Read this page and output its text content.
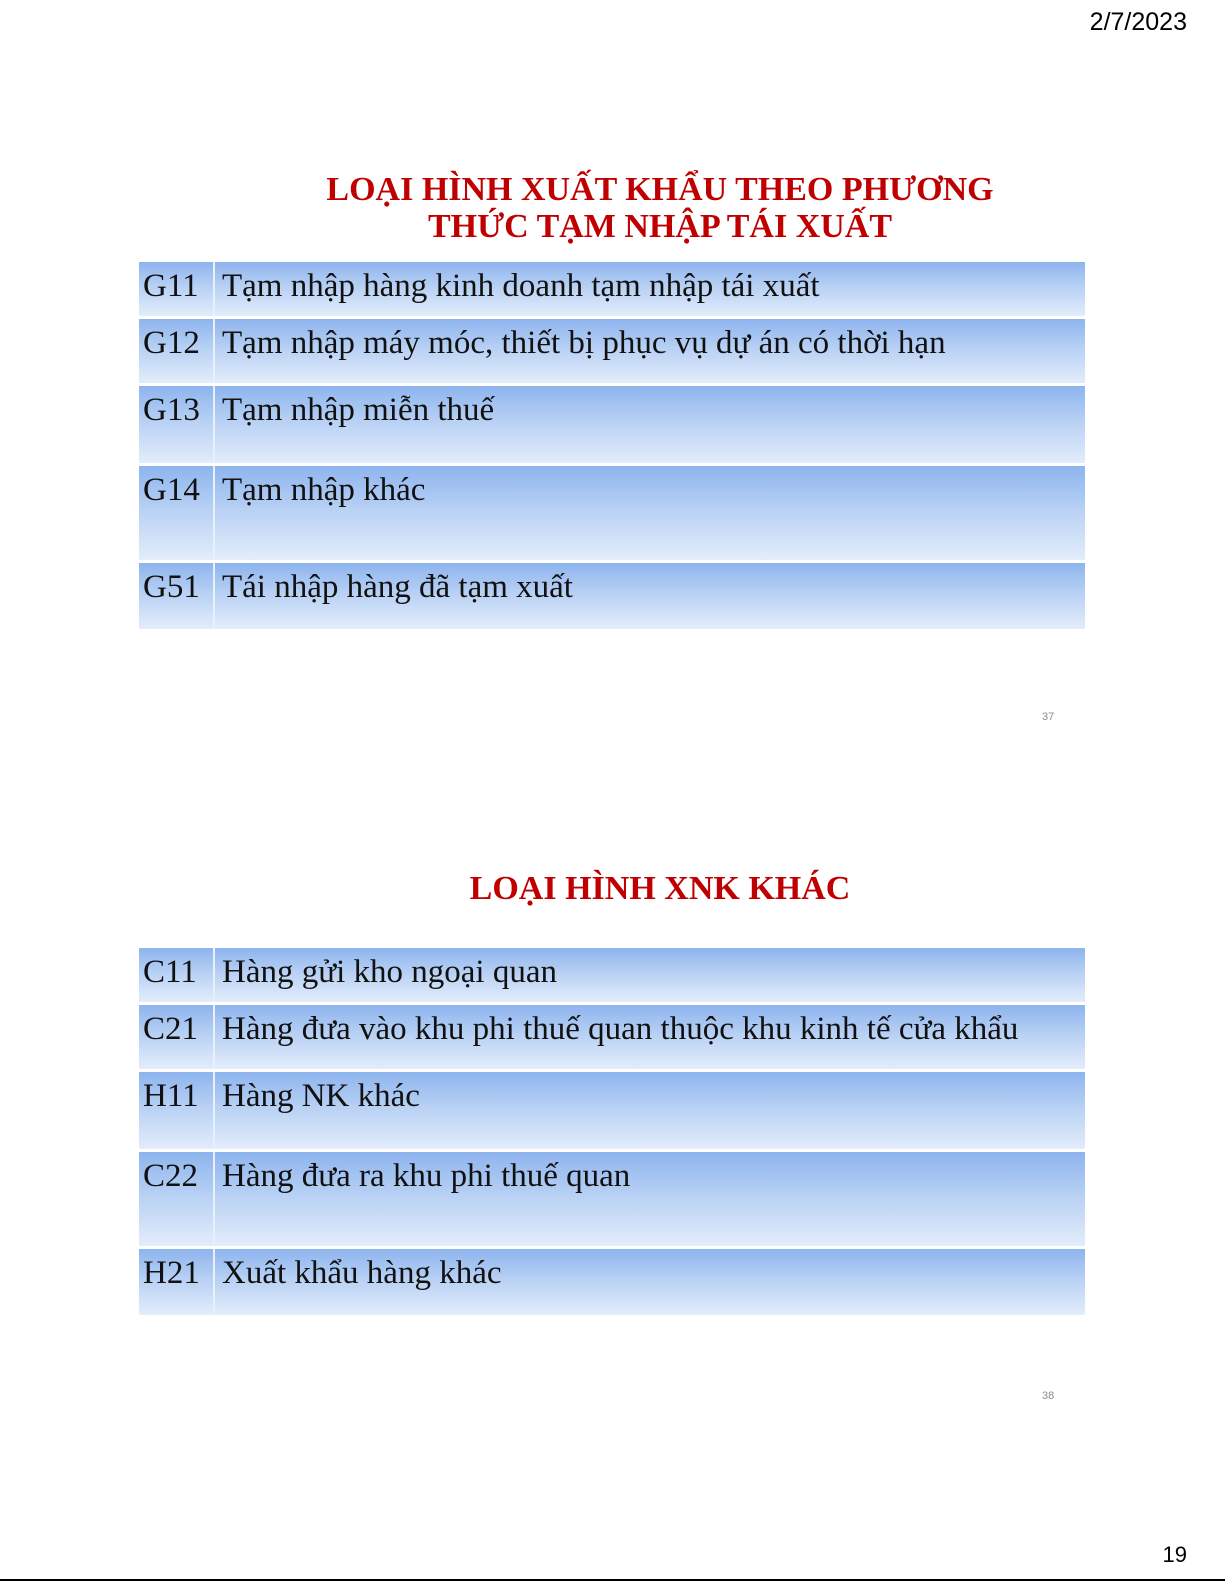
2/7/2023
LOẠI HÌNH XUẤT KHẨU THEO PHƯƠNG
THỨC TẠM NHẬP TÁI XUẤT
G11 Tạm nhập hàng kinh doanh tạm nhập tái xuất
G12 Tạm nhập máy móc, thiết bị phục vụ dự án có thời hạn
G13 Tạm nhập miễn thuế
G14 Tạm nhập khác
G51 Tái nhập hàng đã tạm xuất
37
LOẠI HÌNH XNK KHÁC
C11 Hàng gửi kho ngoại quan
C21 Hàng đưa vào khu phi thuế quan thuộc khu kinh tế cửa khẩu
H11 Hàng NK khác
C22 Hàng đưa ra khu phi thuế quan
H21 Xuất khẩu hàng khác
38
19
